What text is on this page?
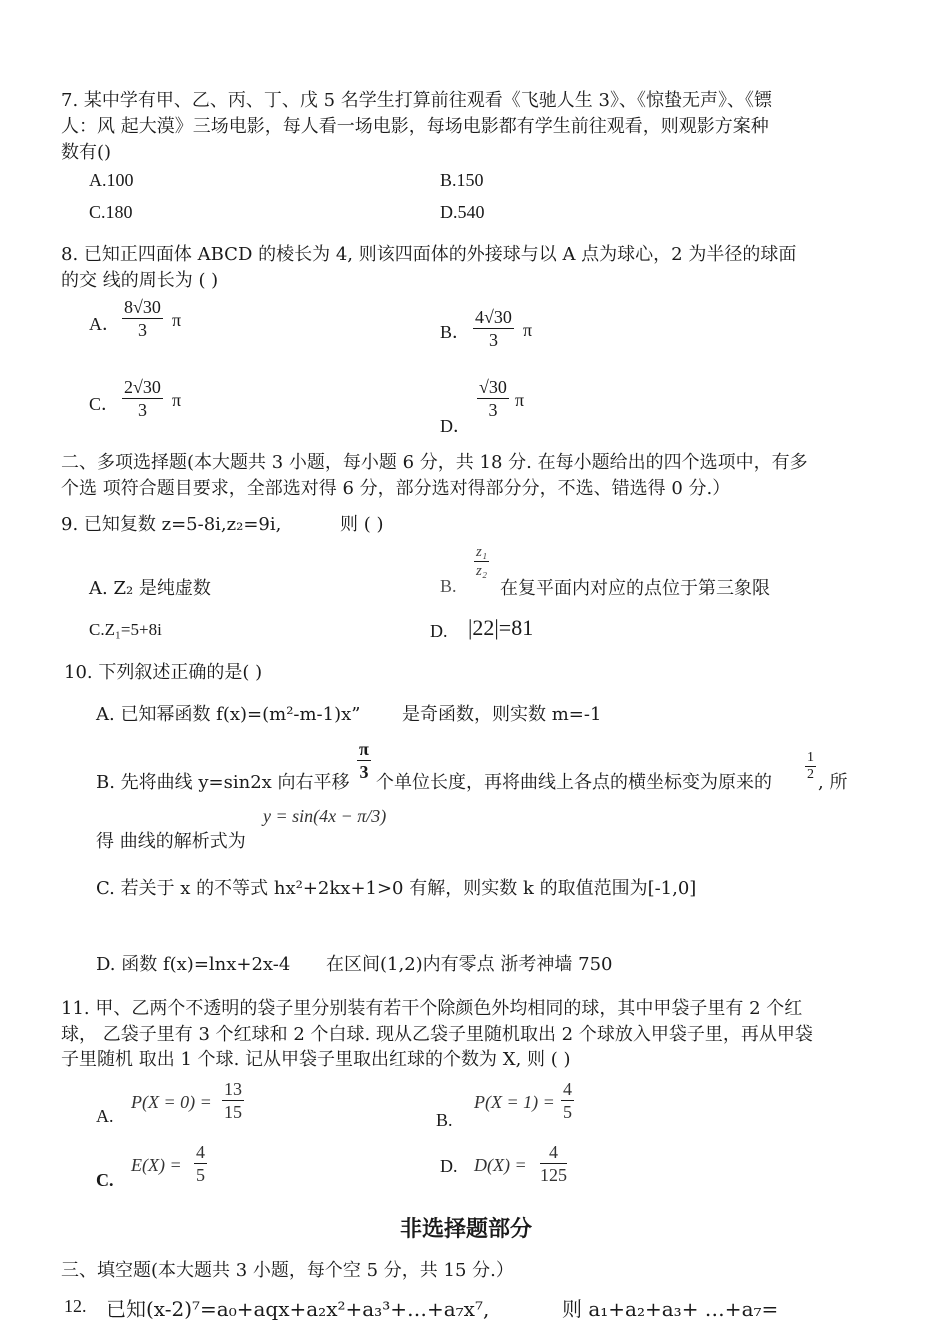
7. 某中学有甲、乙、丙、丁、戊 5 名学生打算前往观看《飞驰人生 3》、《惊蛰无声》、《镖
人：风 起大漠》三场电影，每人看一场电影，每场电影都有学生前往观看，则观影方案种
数有()
A.100	B.150
C.180	D.540
8. 已知正四面体 ABCD 的棱长为 4, 则该四面体的外接球与以 A 点为球心，2 为半径的球面
的交 线的周长为 ( )
A． $\frac{8√30}{3}$ π
B． $\frac{4√30}{3}$ π
C． $\frac{2√30}{3}$ π
D．
$\frac{√30}{3}$ π
二、多项选择题(本大题共 3 小题，每小题 6 分，共 18 分. 在每小题给出的四个选项中，有多
个选 项符合题目要求，全部选对得 6 分，部分选对得部分分，不选、错选得 0 分.）
9. 已知复数 z=5-8i,z₂=9i,	则 ( )
A. Z₂ 是纯虚数	B.
$\frac{\text{z₁}}{\text{z₂}}$
在复平面内对应的点位于第三象限
C.Z₁=5+8i	D. |22|=81
10. 下列叙述正确的是( )
A. 已知幂函数 f(x)=(m²-m-1)x” 是奇函数，则实数 m=-1
B. 先将曲线 y=sin2x 向右平移 $\frac{\pi}{3}$ 个单位长度，再将曲线上各点的横坐标变为原来的 $\frac{1}{2}$ , 所
得 曲线的解析式为
y = sin(4x − π/3)
C. 若关于 x 的不等式 hx²+2kx+1>0 有解，则实数 k 的取值范围为[-1,0]
D. 函数 f(x)=lnx+2x-4 在区间(1,2)内有零点 浙考神墙 750
11. 甲、乙两个不透明的袋子里分别装有若干个除颜色外均相同的球，其中甲袋子里有 2 个红
球， 乙袋子里有 3 个红球和 2 个白球. 现从乙袋子里随机取出 2 个球放入甲袋子里，再从甲袋
子里随机 取出 1 个球. 记从甲袋子里取出红球的个数为 X, 则 ( )
A.
$P(X = 0) = \frac{13}{15}$	B.
$P(X = 1) = \frac{4}{5}$
C.
$E(X) = \frac{4}{5}$	D. $D(X) = \frac{4}{125}$
非选择题部分
三、填空题(本大题共 3 小题，每个空 5 分，共 15 分.）
12. 已知(x-2)⁷=a₀+aqx+a₂x²+a₃³+…+a₇x⁷,	则 a₁+a₂+a₃+ …+a₇=
